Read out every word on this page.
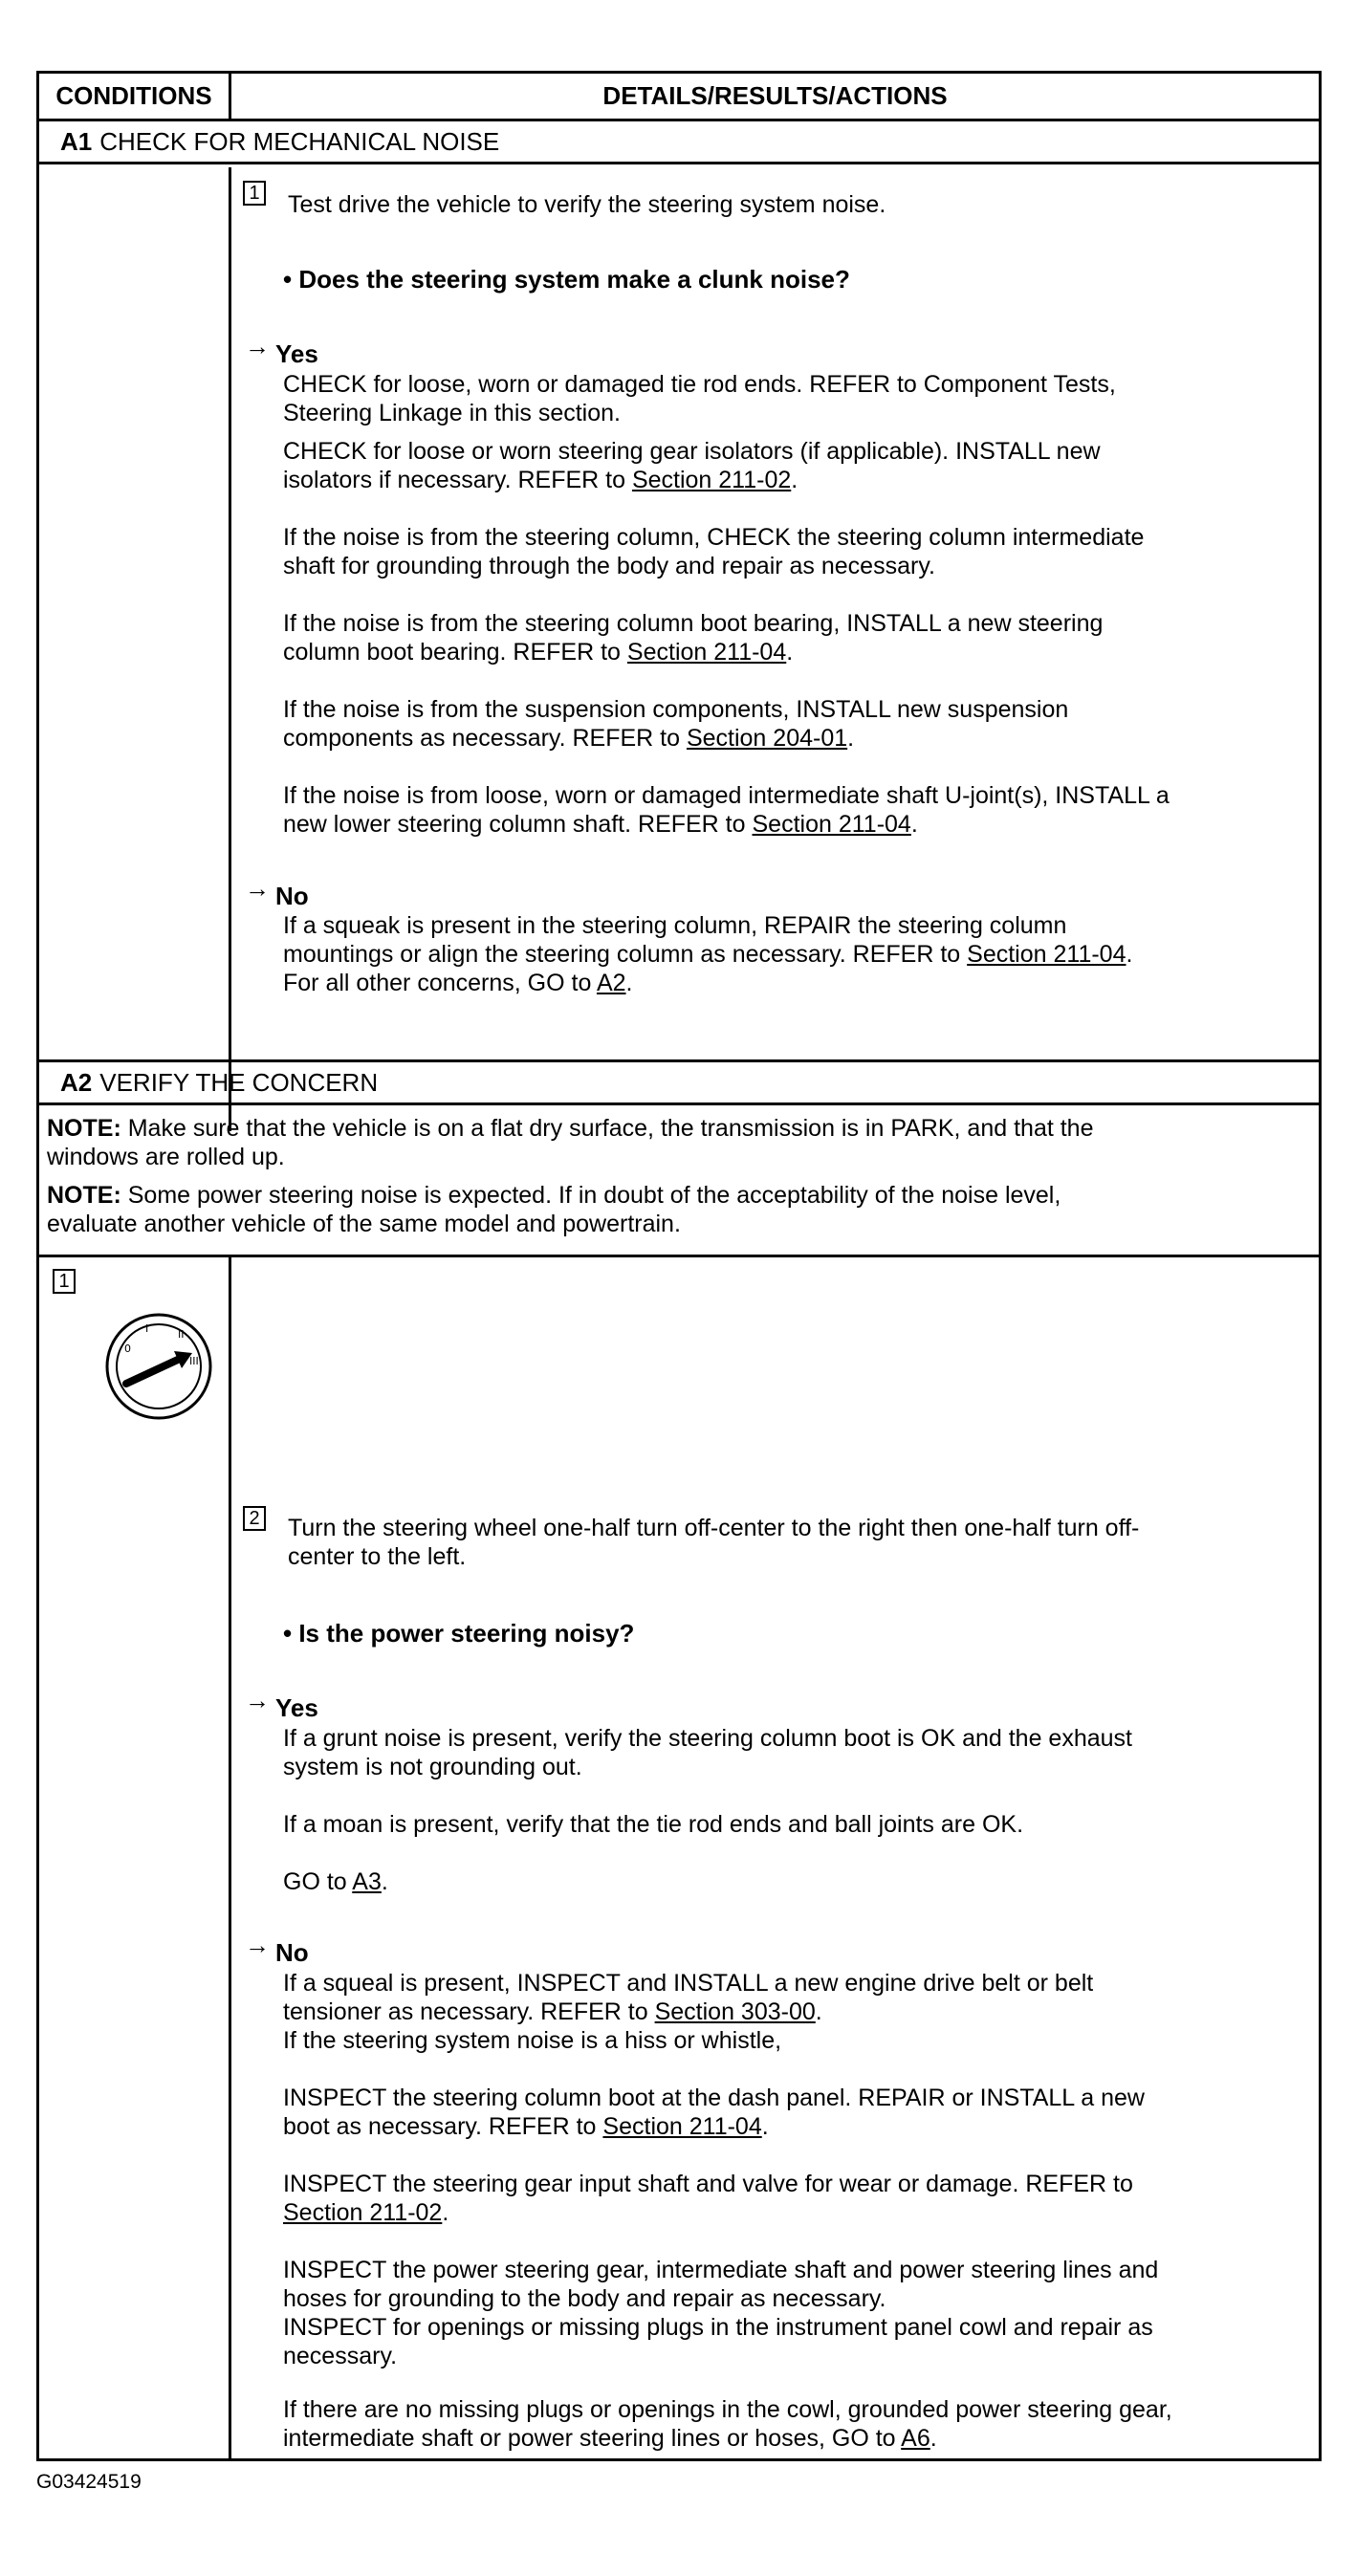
CONDITIONS	DETAILS/RESULTS/ACTIONS
A1 CHECK FOR MECHANICAL NOISE
1 Test drive the vehicle to verify the steering system noise.
• Does the steering system make a clunk noise?
→ Yes
CHECK for loose, worn or damaged tie rod ends. REFER to Component Tests,
Steering Linkage in this section.
CHECK for loose or worn steering gear isolators (if applicable). INSTALL new
isolators if necessary. REFER to Section 211-02.
If the noise is from the steering column, CHECK the steering column intermediate
shaft for grounding through the body and repair as necessary.
If the noise is from the steering column boot bearing, INSTALL a new steering
column boot bearing. REFER to Section 211-04.
If the noise is from the suspension components, INSTALL new suspension
components as necessary. REFER to Section 204-01.
If the noise is from loose, worn or damaged intermediate shaft U-joint(s), INSTALL a
new lower steering column shaft. REFER to Section 211-04.
→ No
If a squeak is present in the steering column, REPAIR the steering column
mountings or align the steering column as necessary. REFER to Section 211-04.
For all other concerns, GO to A2.
A2 VERIFY THE CONCERN
NOTE: Make sure that the vehicle is on a flat dry surface, the transmission is in PARK, and that the
windows are rolled up.
NOTE: Some power steering noise is expected. If in doubt of the acceptability of the noise level,
evaluate another vehicle of the same model and powertrain.
1
0
I	II
III
2 Turn the steering wheel one-half turn off-center to the right then one-half turn off-
center to the left.
• Is the power steering noisy?
→ Yes
If a grunt noise is present, verify the steering column boot is OK and the exhaust
system is not grounding out.
If a moan is present, verify that the tie rod ends and ball joints are OK.
GO to A3.
→ No
If a squeal is present, INSPECT and INSTALL a new engine drive belt or belt
tensioner as necessary. REFER to Section 303-00.
If the steering system noise is a hiss or whistle,
INSPECT the steering column boot at the dash panel. REPAIR or INSTALL a new
boot as necessary. REFER to Section 211-04.
INSPECT the steering gear input shaft and valve for wear or damage. REFER to
Section 211-02.
INSPECT the power steering gear, intermediate shaft and power steering lines and
hoses for grounding to the body and repair as necessary.
INSPECT for openings or missing plugs in the instrument panel cowl and repair as
necessary.
If there are no missing plugs or openings in the cowl, grounded power steering gear,
intermediate shaft or power steering lines or hoses, GO to A6.
G03424519
